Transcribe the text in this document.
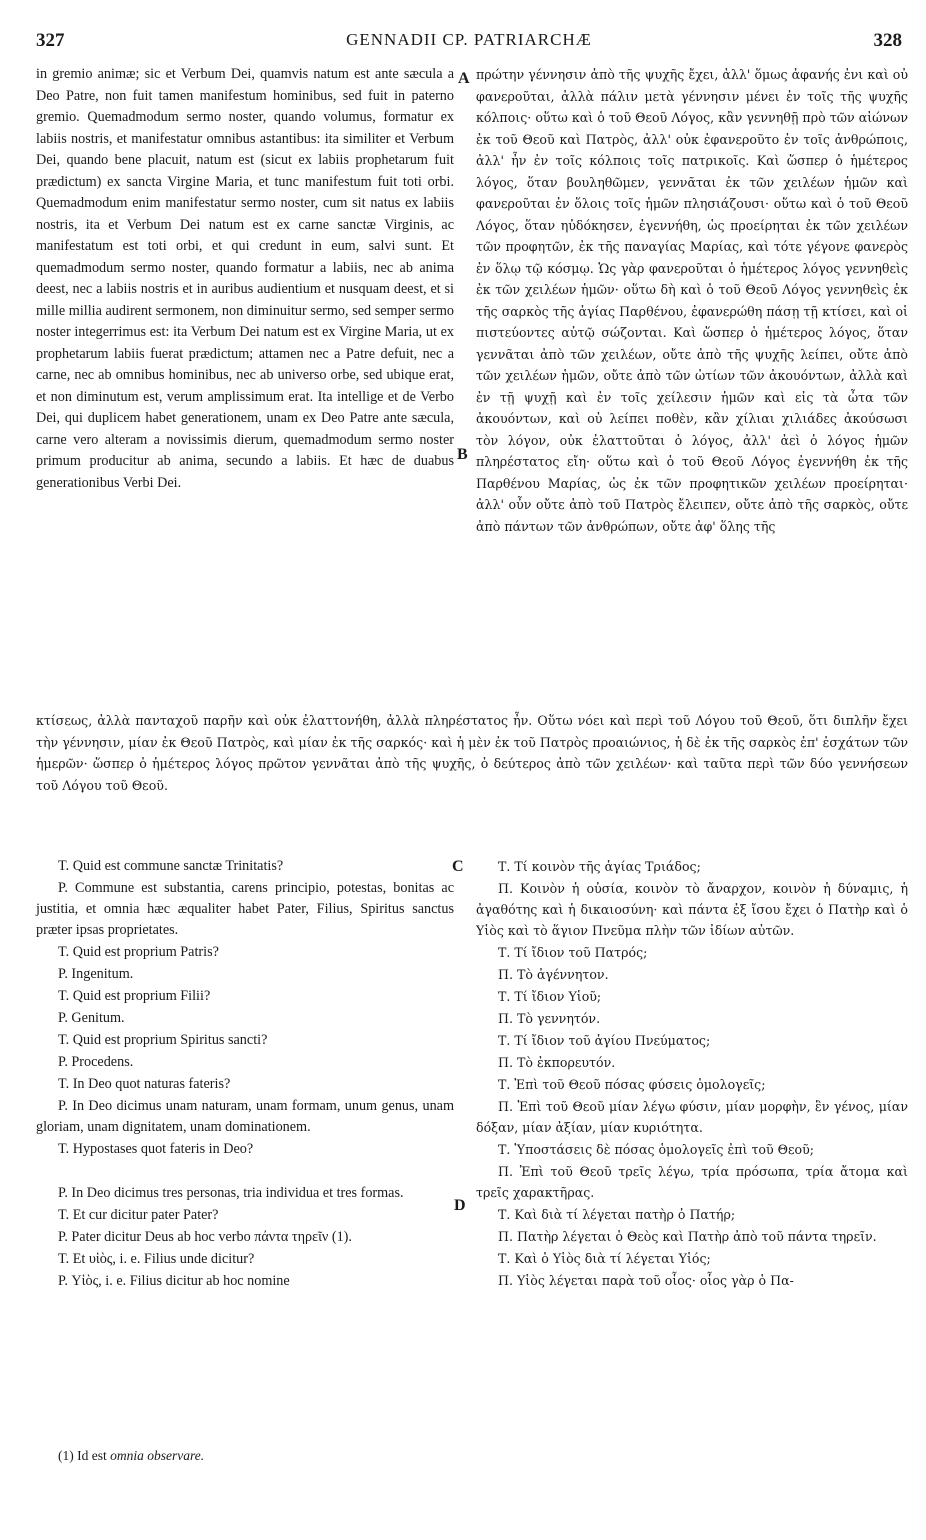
327	GENNADII CP. PATRIARCHÆ	328

in gremio animæ; sic et Verbum Dei, quamvis natum est ante sæcula a Deo Patre, non fuit tamen manifestum hominibus, sed fuit in paterno gremio. Quemadmodum sermo noster, quando volumus, formatur ex labiis nostris, et manifestatur omnibus astantibus: ita similiter et Verbum Dei, quando bene placuit, natum est (sicut ex labiis prophetarum fuit prædictum) ex sancta Virgine Maria, et tunc manifestum fuit toti orbi. Quemadmodum enim manifestatur sermo noster, cum sit natus ex labiis nostris, ita et Verbum Dei natum est ex carne sanctæ Virginis, ac manifestatum est toti orbi, et qui credunt in eum, salvi sunt. Et quemadmodum sermo noster, quando formatur a labiis, nec ab anima deest, nec a labiis nostris et in auribus audientium et nusquam deest, et si mille millia audirent sermonem, non diminuitur sermo, sed semper sermo noster integerrimus est: ita Verbum Dei natum est ex Virgine Maria, ut ex prophetarum labiis fuerat prædictum; attamen nec a Patre defuit, nec a carne, nec ab omnibus hominibus, nec ab universo orbe, sed ubique erat, et non diminutum est, verum amplissimum erat. Ita intellige et de Verbo Dei, qui duplicem habet generationem, unam ex Deo Patre ante sæcula, carne vero alteram a novissimis dierum, quemadmodum sermo noster primum producitur ab anima, secundo a labiis. Et hæc de duabus generationibus Verbi Dei.

A
B
C
D

πρώτην γέννησιν ἀπὸ τῆς ψυχῆς ἔχει, ἀλλ' ὅμως ἀφανής ἐνι καὶ οὐ φανεροῦται, ἀλλὰ πάλιν μετὰ γέννησιν μένει ἐν τοῖς τῆς ψυχῆς κόλποις· οὕτω καὶ ὁ τοῦ Θεοῦ Λόγος, κἂν γεννηθῇ πρὸ τῶν αἰώνων ἐκ τοῦ Θεοῦ καὶ Πατρὸς, ἀλλ' οὐκ ἐφανεροῦτο ἐν τοῖς ἀνθρώποις, ἀλλ' ἦν ἐν τοῖς κόλποις τοῖς πατρικοῖς. Καὶ ὥσπερ ὁ ἡμέτερος λόγος, ὅταν βουληθῶμεν, γεννᾶται ἐκ τῶν χειλέων ἡμῶν καὶ φανεροῦται ἐν ὅλοις τοῖς ἡμῶν πλησιάζουσι· οὕτω καὶ ὁ τοῦ Θεοῦ Λόγος, ὅταν ηὐδόκησεν, ἐγεννήθη, ὡς προείρηται ἐκ τῶν χειλέων τῶν προφητῶν, ἐκ τῆς παναγίας Μαρίας, καὶ τότε γέγονε φανερὸς ἐν ὅλῳ τῷ κόσμῳ. Ὡς γὰρ φανεροῦται ὁ ἡμέτερος λόγος γεννηθεὶς ἐκ τῶν χειλέων ἡμῶν· οὕτω δὴ καὶ ὁ τοῦ Θεοῦ Λόγος γεννηθεὶς ἐκ τῆς σαρκὸς τῆς ἁγίας Παρθένου, ἐφανερώθη πάσῃ τῇ κτίσει, καὶ οἱ πιστεύοντες αὐτῷ σώζονται. Καὶ ὥσπερ ὁ ἡμέτερος λόγος, ὅταν γεννᾶται ἀπὸ τῶν χειλέων, οὔτε ἀπὸ τῆς ψυχῆς λείπει, οὔτε ἀπὸ τῶν χειλέων ἡμῶν, οὔτε ἀπὸ τῶν ὠτίων τῶν ἀκουόντων, ἀλλὰ καὶ ἐν τῇ ψυχῇ καὶ ἐν τοῖς χείλεσιν ἡμῶν καὶ εἰς τὰ ὦτα τῶν ἀκουόντων, καὶ οὐ λείπει ποθὲν, κἂν χίλιαι χιλιάδες ἀκούσωσι τὸν λόγον, οὐκ ἐλαττοῦται ὁ λόγος, ἀλλ' ἀεὶ ὁ λόγος ἡμῶν πληρέστατος εἴη· οὕτω καὶ ὁ τοῦ Θεοῦ Λόγος ἐγεννήθη ἐκ τῆς Παρθένου Μαρίας, ὡς ἐκ τῶν προφητικῶν χειλέων προείρηται· ἀλλ' οὖν οὔτε ἀπὸ τοῦ Πατρὸς ἔλειπεν, οὔτε ἀπὸ τῆς σαρκὸς, οὔτε ἀπὸ πάντων τῶν ἀνθρώπων, οὔτε ἀφ' ὅλης τῆς

κτίσεως, ἀλλὰ πανταχοῦ παρῆν καὶ οὐκ ἐλαττονήθη, ἀλλὰ πληρέστατος ἦν. Οὕτω νόει καὶ περὶ τοῦ Λόγου τοῦ Θεοῦ, ὅτι διπλῆν ἔχει τὴν γέννησιν, μίαν ἐκ Θεοῦ Πατρὸς, καὶ μίαν ἐκ τῆς σαρκός· καὶ ἡ μὲν ἐκ τοῦ Πατρὸς προαιώνιος, ἡ δὲ ἐκ τῆς σαρκὸς ἐπ' ἐσχάτων τῶν ἡμερῶν· ὥσπερ ὁ ἡμέτερος λόγος πρῶτον γεννᾶται ἀπὸ τῆς ψυχῆς, ὁ δεύτερος ἀπὸ τῶν χειλέων· καὶ ταῦτα περὶ τῶν δύο γεννήσεων τοῦ Λόγου τοῦ Θεοῦ.

T. Quid est commune sanctæ Trinitatis?

P. Commune est substantia, carens principio, potestas, bonitas ac justitia, et omnia hæc æqualiter habet Pater, Filius, Spiritus sanctus præter ipsas proprietates.

T. Quid est proprium Patris?

P. Ingenitum.

T. Quid est proprium Filii?

P. Genitum.

T. Quid est proprium Spiritus sancti?

P. Procedens.

T. In Deo quot naturas fateris?

P. In Deo dicimus unam naturam, unam formam, unum genus, unam gloriam, unam dignitatem, unam dominationem.

T. Hypostases quot fateris in Deo?

P. In Deo dicimus tres personas, tria individua et tres formas.

T. Et cur dicitur pater Pater?

P. Pater dicitur Deus ab hoc verbo πάντα τηρεῖν (1).

T. Et υἱὸς, i. e. Filius unde dicitur?

P. Υἱὸς, i. e. Filius dicitur ab hoc nomine

Τ. Τί κοινὸν τῆς ἁγίας Τριάδος;

Π. Κοινὸν ἡ οὐσία, κοινὸν τὸ ἄναρχον, κοινὸν ἡ δύναμις, ἡ ἀγαθότης καὶ ἡ δικαιοσύνη· καὶ πάντα ἐξ ἴσου ἔχει ὁ Πατὴρ καὶ ὁ Υἱὸς καὶ τὸ ἅγιον Πνεῦμα πλὴν τῶν ἰδίων αὐτῶν.

Τ. Τί ἴδιον τοῦ Πατρός;

Π. Τὸ ἀγέννητον.

Τ. Τί ἴδιον Υἱοῦ;

Π. Τὸ γεννητόν.

Τ. Τί ἴδιον τοῦ ἁγίου Πνεύματος;

Π. Τὸ ἐκπορευτόν.

Τ. Ἐπὶ τοῦ Θεοῦ πόσας φύσεις ὁμολογεῖς;

Π. Ἐπὶ τοῦ Θεοῦ μίαν λέγω φύσιν, μίαν μορφὴν, ἓν γένος, μίαν δόξαν, μίαν ἀξίαν, μίαν κυριότητα.

Τ. Ὑποστάσεις δὲ πόσας ὁμολογεῖς ἐπὶ τοῦ Θεοῦ;

Π. Ἐπὶ τοῦ Θεοῦ τρεῖς λέγω, τρία πρόσωπα, τρία ἄτομα καὶ τρεῖς χαρακτῆρας.

Τ. Καὶ διὰ τί λέγεται πατὴρ ὁ Πατήρ;

Π. Πατὴρ λέγεται ὁ Θεὸς καὶ Πατὴρ ἀπὸ τοῦ πάντα τηρεῖν.

Τ. Καὶ ὁ Υἱὸς διὰ τί λέγεται Υἱός;

Π. Υἱὸς λέγεται παρὰ τοῦ οἷος· οἷος γὰρ ὁ Πα-

(1) Id est omnia observare.
